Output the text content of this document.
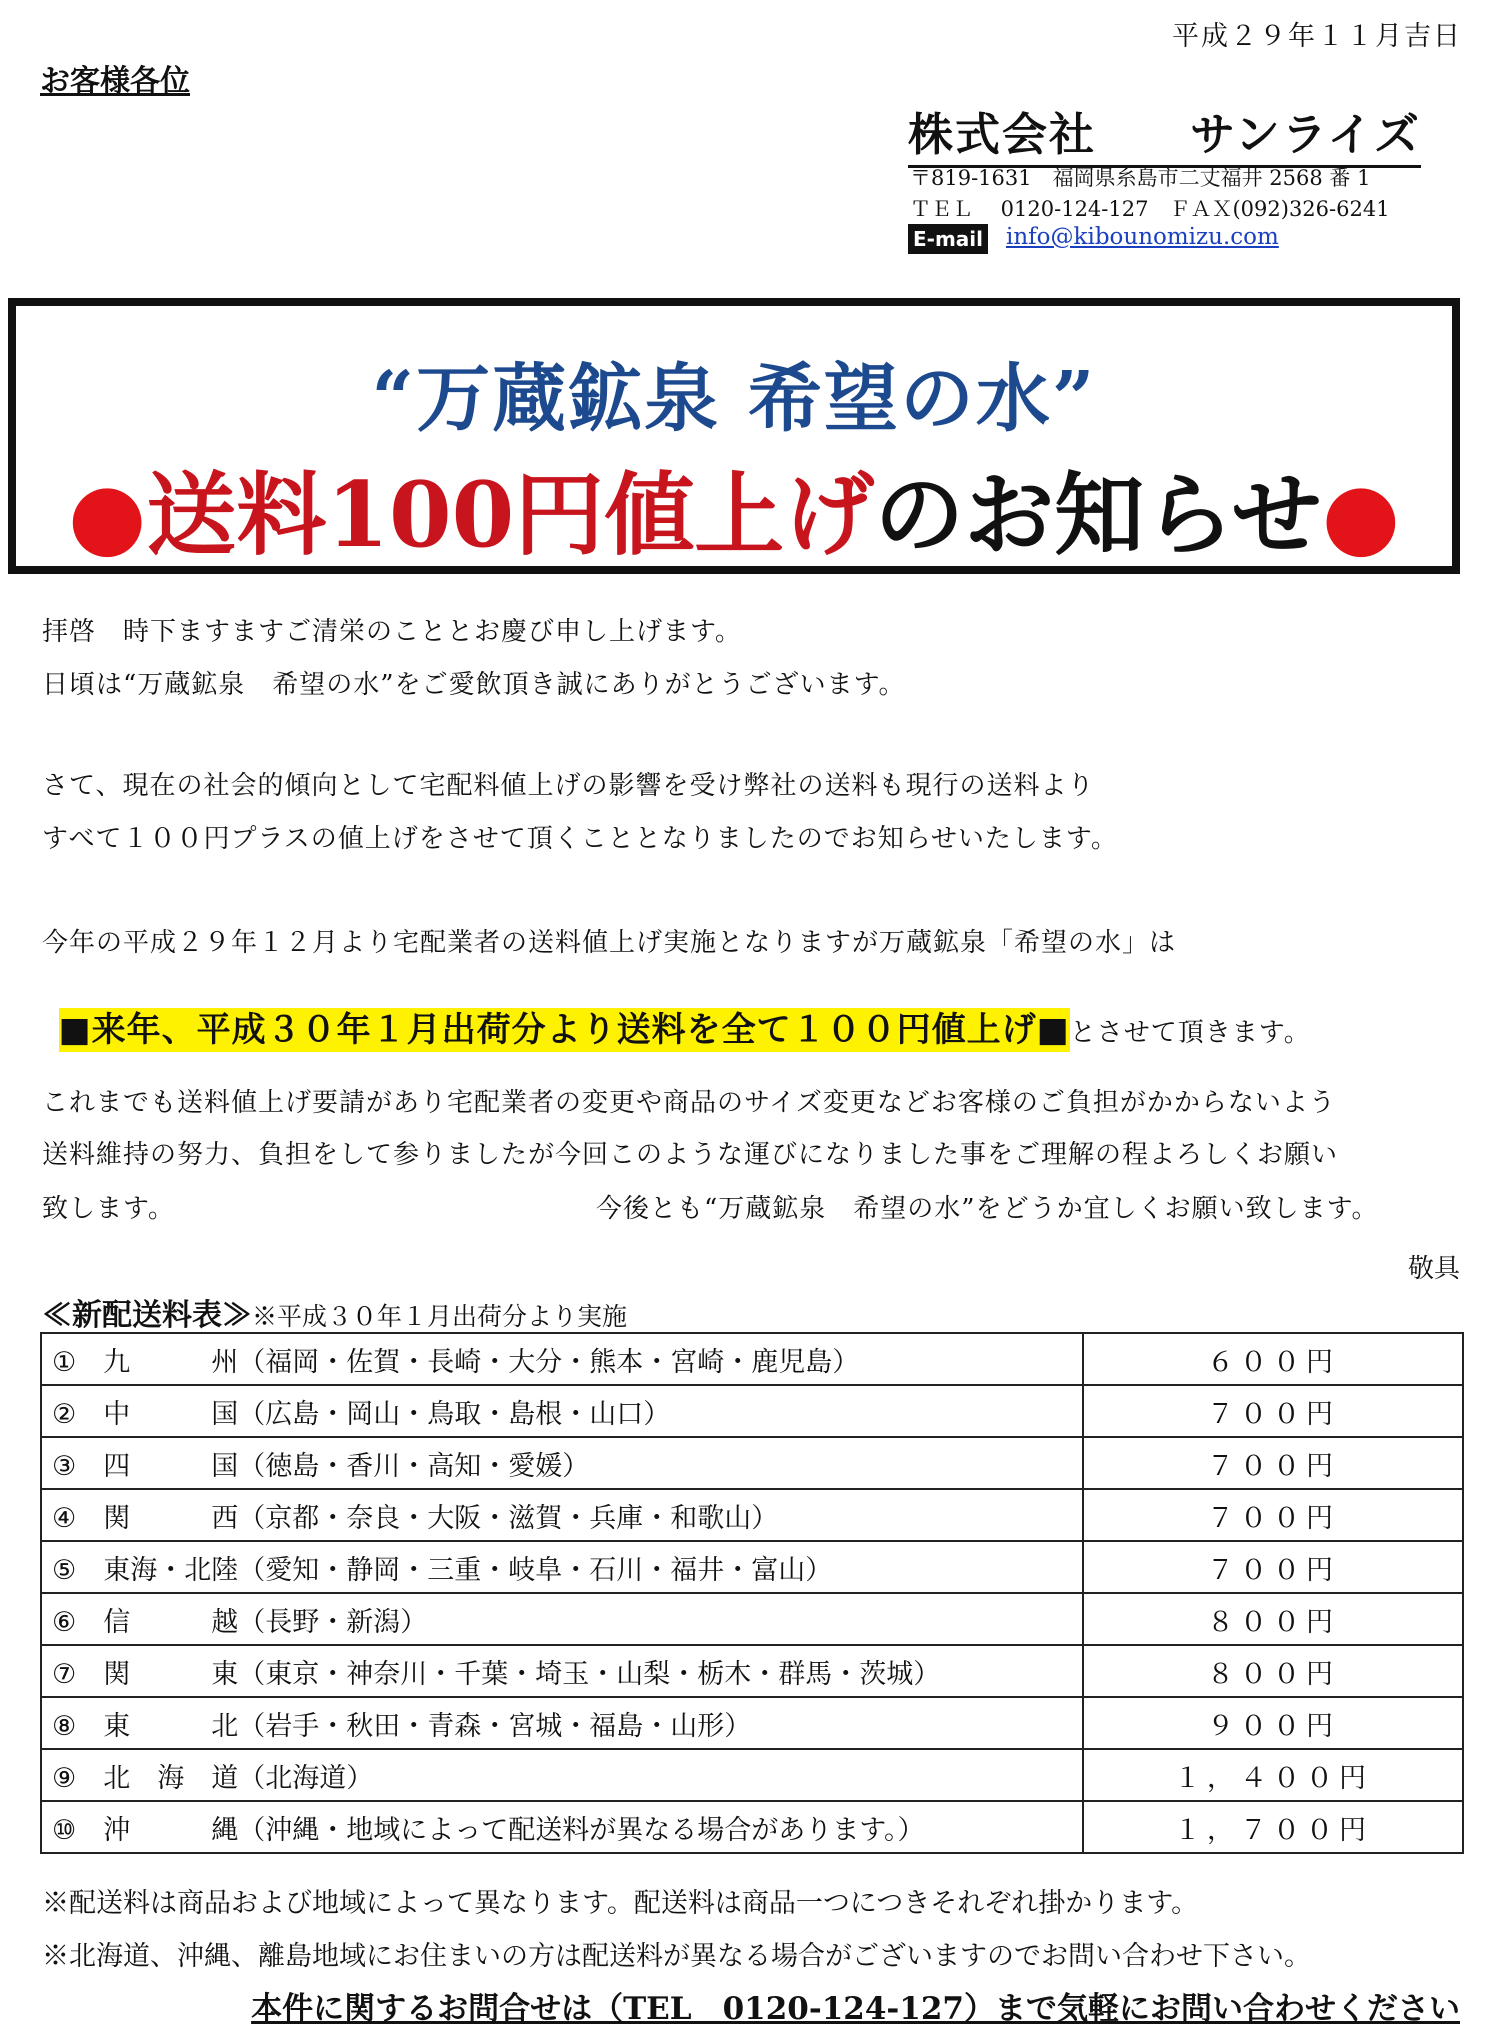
平成２９年１１月吉日
お客様各位
株式会社　　サンライズ
〒819-1631　福岡県糸島市二丈福井 2568 番 1
ＴＥＬ　 0120-124-127　ＦＡＸ(092)326-6241
E-mail info@kibounomizu.com
“万蔵鉱泉 希望の水”
●送料100円値上げのお知らせ●
拝啓　時下ますますご清栄のこととお慶び申し上げます。
日頃は“万蔵鉱泉　希望の水”をご愛飲頂き誠にありがとうございます。
さて、現在の社会的傾向として宅配料値上げの影響を受け弊社の送料も現行の送料より
すべて１００円プラスの値上げをさせて頂くこととなりましたのでお知らせいたします。
今年の平成２９年１２月より宅配業者の送料値上げ実施となりますが万蔵鉱泉「希望の水」は

■来年、平成３０年１月出荷分より送料を全て１００円値上げ■とさせて頂きます。

これまでも送料値上げ要請があり宅配業者の変更や商品のサイズ変更などお客様のご負担がかからないよう
送料維持の努力、負担をして参りましたが今回このような運びになりました事をご理解の程よろしくお願い
致します。	今後とも“万蔵鉱泉　希望の水”をどうか宜しくお願い致します。
敬具
≪新配送料表≫※平成３０年１月出荷分より実施
①　九　　　州（福岡・佐賀・長崎・大分・熊本・宮崎・鹿児島）	６００円
②　中　　　国（広島・岡山・鳥取・島根・山口）	７００円
③　四　　　国（徳島・香川・高知・愛媛）	７００円
④　関　　　西（京都・奈良・大阪・滋賀・兵庫・和歌山）	７００円
⑤　東海・北陸（愛知・静岡・三重・岐阜・石川・福井・富山）	７００円
⑥　信　　　越（長野・新潟）	８００円
⑦　関　　　東（東京・神奈川・千葉・埼玉・山梨・栃木・群馬・茨城）	８００円
⑧　東　　　北（岩手・秋田・青森・宮城・福島・山形）	９００円
⑨　北　海　道（北海道）	１，４００円
⑩　沖　　　縄（沖縄・地域によって配送料が異なる場合があります。）	１，７００円
※配送料は商品および地域によって異なります。配送料は商品一つにつきそれぞれ掛かります。
※北海道、沖縄、離島地域にお住まいの方は配送料が異なる場合がございますのでお問い合わせ下さい。
本件に関するお問合せは（TEL　0120-124-127）まで気軽にお問い合わせください
